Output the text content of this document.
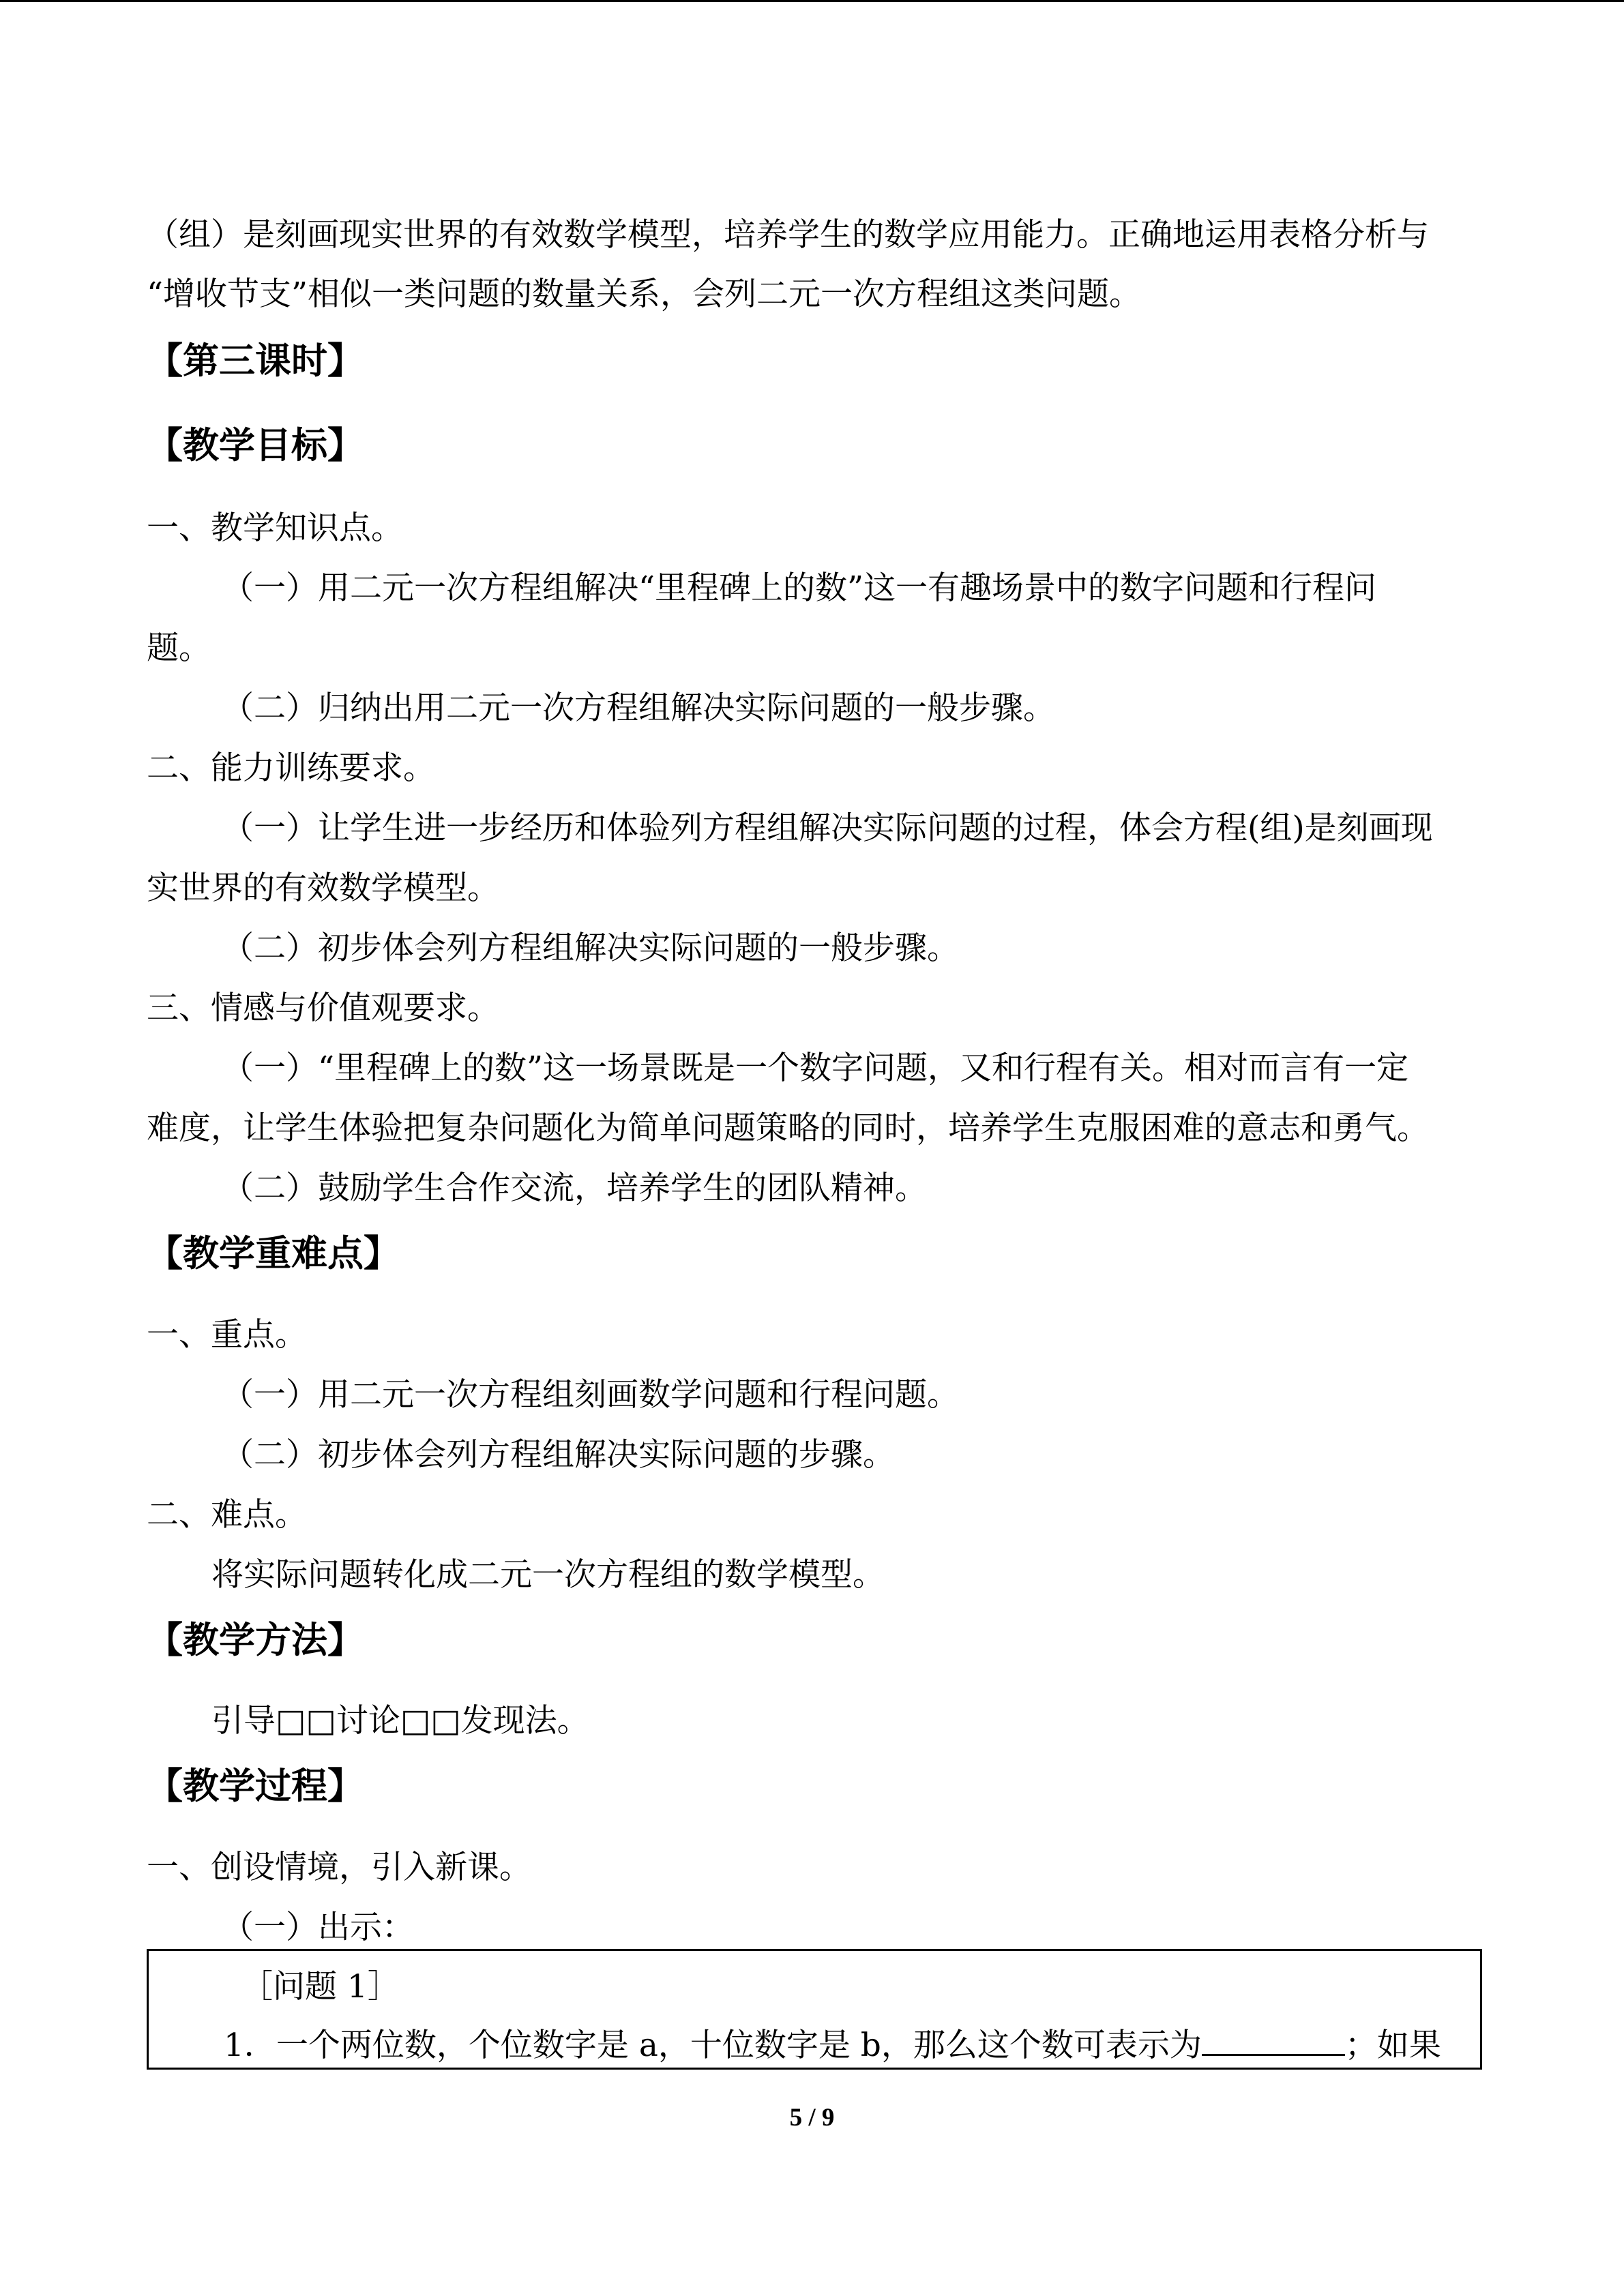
（组）是刻画现实世界的有效数学模型，培养学生的数学应用能力。正确地运用表格分析与
“增收节支”相似一类问题的数量关系，会列二元一次方程组这类问题。
【第三课时】
【教学目标】
一、教学知识点。
（一）用二元一次方程组解决“里程碑上的数”这一有趣场景中的数字问题和行程问
题。
（二）归纳出用二元一次方程组解决实际问题的一般步骤。
二、能力训练要求。
（一）让学生进一步经历和体验列方程组解决实际问题的过程，体会方程(组)是刻画现
实世界的有效数学模型。
（二）初步体会列方程组解决实际问题的一般步骤。
三、情感与价值观要求。
（一）“里程碑上的数”这一场景既是一个数字问题，又和行程有关。相对而言有一定
难度，让学生体验把复杂问题化为简单问题策略的同时，培养学生克服困难的意志和勇气。
（二）鼓励学生合作交流，培养学生的团队精神。
【教学重难点】
一、重点。
（一）用二元一次方程组刻画数学问题和行程问题。
（二）初步体会列方程组解决实际问题的步骤。
二、难点。
将实际问题转化成二元一次方程组的数学模型。
【教学方法】
引导□□讨论□□发现法。
【教学过程】
一、创设情境，引入新课。
（一）出示：
［问题 1］
1．一个两位数，个位数字是 a，十位数字是 b，那么这个数可表示为	；如果
5 / 9
